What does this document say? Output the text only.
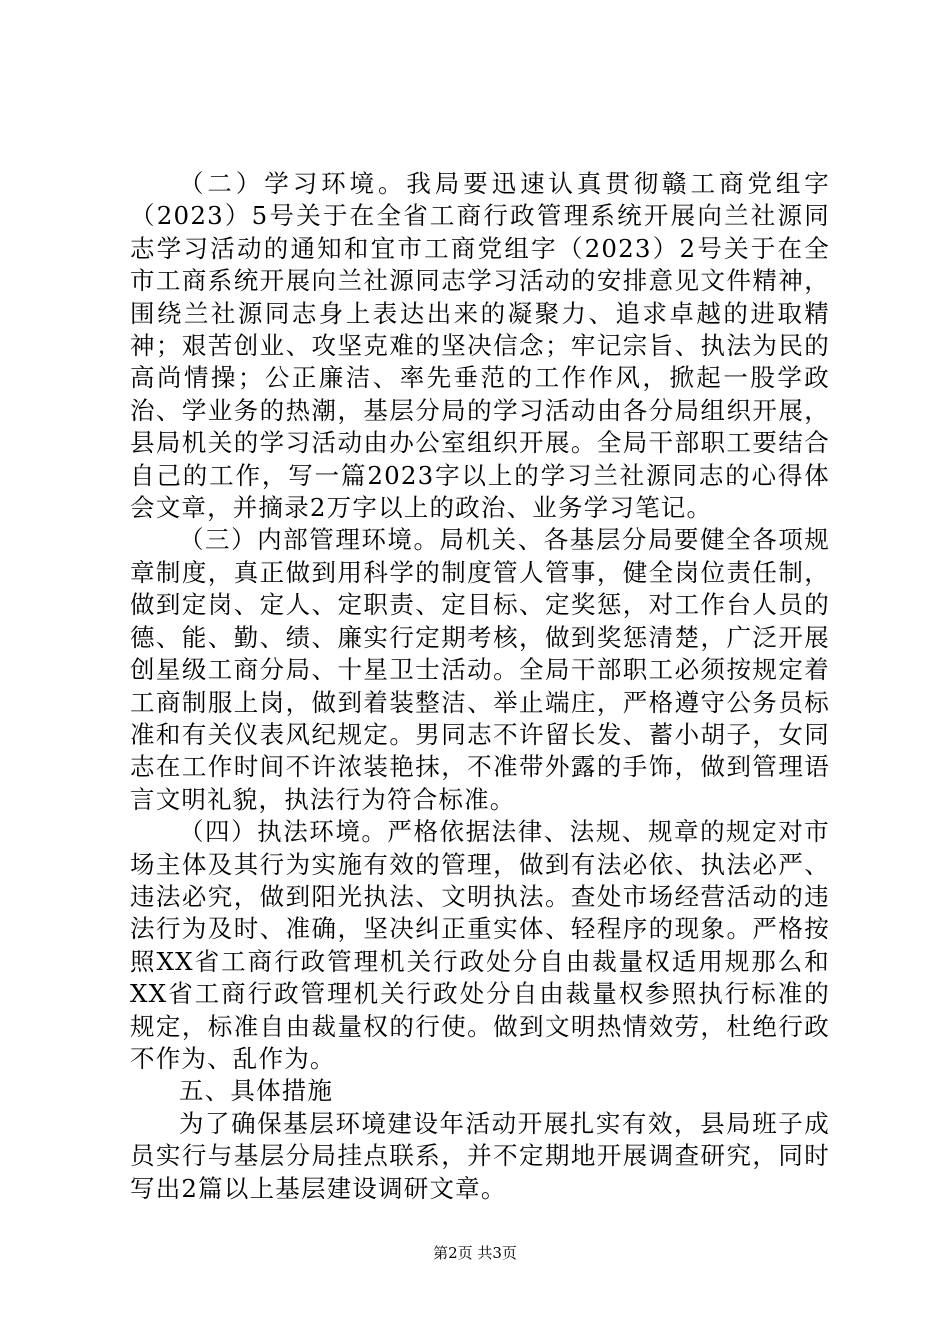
（二）学习环境。我局要迅速认真贯彻赣工商党组字（2023）5号关于在全省工商行政管理系统开展向兰社源同志学习活动的通知和宜市工商党组字（2023）2号关于在全市工商系统开展向兰社源同志学习活动的安排意见文件精神，围绕兰社源同志身上表达出来的凝聚力、追求卓越的进取精神；艰苦创业、攻坚克难的坚决信念；牢记宗旨、执法为民的高尚情操；公正廉洁、率先垂范的工作作风，掀起一股学政治、学业务的热潮，基层分局的学习活动由各分局组织开展，县局机关的学习活动由办公室组织开展。全局干部职工要结合自己的工作，写一篇2023字以上的学习兰社源同志的心得体会文章，并摘录2万字以上的政治、业务学习笔记。

（三）内部管理环境。局机关、各基层分局要健全各项规章制度，真正做到用科学的制度管人管事，健全岗位责任制，做到定岗、定人、定职责、定目标、定奖惩，对工作台人员的德、能、勤、绩、廉实行定期考核，做到奖惩清楚，广泛开展创星级工商分局、十星卫士活动。全局干部职工必须按规定着工商制服上岗，做到着装整洁、举止端庄，严格遵守公务员标准和有关仪表风纪规定。男同志不许留长发、蓄小胡子，女同志在工作时间不许浓装艳抹，不准带外露的手饰，做到管理语言文明礼貌，执法行为符合标准。

（四）执法环境。严格依据法律、法规、规章的规定对市场主体及其行为实施有效的管理，做到有法必依、执法必严、违法必究，做到阳光执法、文明执法。查处市场经营活动的违法行为及时、准确，坚决纠正重实体、轻程序的现象。严格按照XX省工商行政管理机关行政处分自由裁量权适用规那么和XX省工商行政管理机关行政处分自由裁量权参照执行标准的规定，标准自由裁量权的行使。做到文明热情效劳，杜绝行政不作为、乱作为。

五、具体措施

为了确保基层环境建设年活动开展扎实有效，县局班子成员实行与基层分局挂点联系，并不定期地开展调查研究，同时写出2篇以上基层建设调研文章。

第2页 共3页
